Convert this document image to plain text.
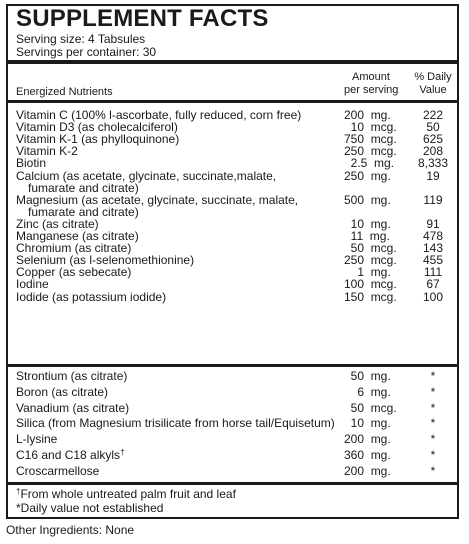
SUPPLEMENT FACTS
Serving size: 4 Tabsules
Servings per container: 30
Energized Nutrients
Amount
per serving
% Daily
Value
Vitamin C (100% l-ascorbate, fully reduced, corn free)	200  mg.	222
Vitamin D3 (as cholecalciferol)	10  mcg.	50
Vitamin K-1 (as phylloquinone)	750  mcg.	625
Vitamin K-2	250  mcg.	208
Biotin	2.5  mg.	8,333
Calcium (as acetate, glycinate, succinate,malate,
fumarate and citrate)
250  mg.	19
Magnesium (as acetate, glycinate, succinate, malate,
fumarate and citrate)
500  mg.	119
Zinc (as citrate)	10  mg.	91
Manganese (as citrate)	11  mg.	478
Chromium (as citrate)	50  mcg.	143
Selenium (as l-selenomethionine)	250  mcg.	455
Copper (as sebecate)	1  mg.	111
Iodine	100  mcg.	67
Iodide (as potassium iodide)	150  mcg.	100
Strontium (as citrate)	50  mg.	*
Boron (as citrate)	6  mg.	*
Vanadium (as citrate)	50  mcg.	*
Silica (from Magnesium trisilicate from horse tail/Equisetum) 10  mg.	*
L-lysine	200  mg.	*
C16 and C18 alkyls†	360  mg.	*
Croscarmellose	200  mg.	*
†From whole untreated palm fruit and leaf
*Daily value not established
Other Ingredients: None
